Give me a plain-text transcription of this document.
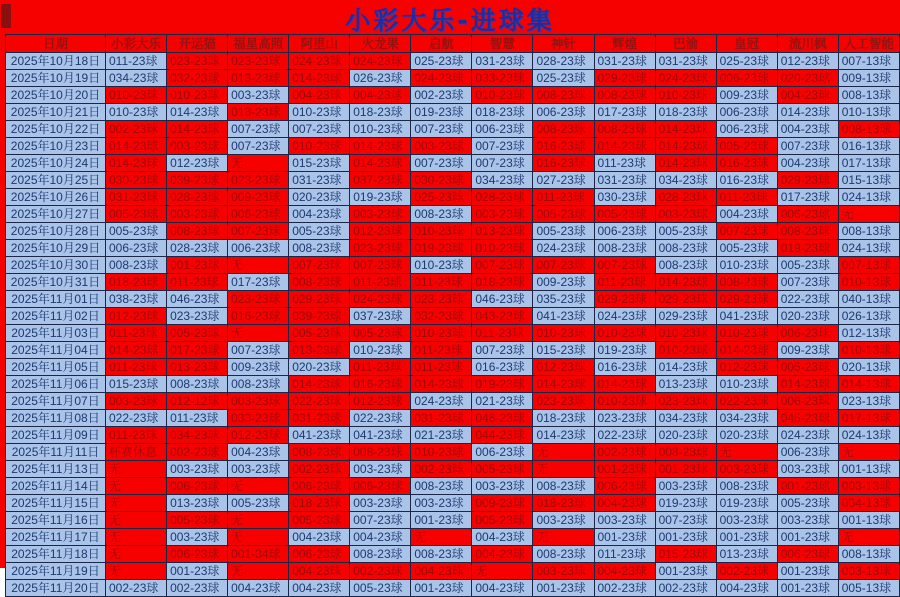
小彩大乐-进球集
日期	小彩大乐	开运猫	福星高照	阿里山	火龙果	启航	智慧	神针	辉煌	巴渝	皇冠	流川枫	人工智能
2025年10月18日	011-23球	023-23球	023-23球	024-23球	024-23球	025-23球	031-23球	028-23球	031-23球	031-23球	025-23球	012-23球	007-13球
2025年10月19日	034-23球	032-23球	013-23球	014-23球	026-23球	024-23球	033-23球	025-23球	029-23球	024-23球	006-23球	020-23球	009-13球
2025年10月20日	010-23球	010-23球	003-23球	004-23球	004-23球	002-23球	010-23球	008-23球	008-23球	010-23球	009-23球	004-23球	008-13球
2025年10月21日	010-23球	014-23球	013-23球	010-23球	018-23球	019-23球	018-23球	006-23球	017-23球	018-23球	006-23球	014-23球	010-13球
2025年10月22日	002-23球	014-23球	007-23球	007-23球	010-23球	007-23球	006-23球	008-23球	008-23球	014-23球	006-23球	004-23球	008-13球
2025年10月23日	014-23球	003-23球	007-23球	010-23球	014-23球	003-23球	007-23球	016-23球	014-23球	014-23球	005-23球	007-23球	016-13球
2025年10月24日	014-23球	012-23球	无	015-23球	014-23球	007-23球	007-23球	016-23球	011-23球	014-23球	016-23球	004-23球	017-13球
2025年10月25日	030-23球	039-23球	023-23球	031-23球	037-23球	030-23球	034-23球	027-23球	031-23球	034-23球	016-23球	029-23球	015-13球
2025年10月26日	031-23球	028-23球	009-23球	020-23球	019-23球	025-23球	028-23球	011-23球	030-23球	028-23球	011-23球	017-23球	024-13球
2025年10月27日	005-23球	003-23球	006-23球	004-23球	003-23球	008-23球	003-23球	005-23球	005-23球	003-23球	004-23球	006-23球	无
2025年10月28日	005-23球	008-23球	007-23球	005-23球	012-23球	010-23球	013-23球	005-23球	006-23球	005-23球	007-23球	008-23球	008-13球
2025年10月29日	006-23球	028-23球	006-23球	008-23球	023-23球	019-23球	010-23球	024-23球	008-23球	008-23球	005-23球	019-23球	024-13球
2025年10月30日	008-23球	001-23球	无	007-23球	007-23球	010-23球	007-23球	007-23球	007-23球	008-23球	010-23球	005-23球	007-13球
2025年10月31日	018-23球	011-23球	017-23球	008-23球	011-23球	011-23球	018-23球	009-23球	011-23球	014-23球	008-23球	007-23球	010-13球
2025年11月01日	038-23球	046-23球	023-23球	029-23球	024-23球	023-23球	046-23球	035-23球	029-23球	029-23球	029-23球	022-23球	040-13球
2025年11月02日	012-23球	023-23球	016-23球	039-23球	037-23球	032-23球	043-23球	041-23球	024-23球	029-23球	041-23球	020-23球	026-13球
2025年11月03日	011-23球	005-23球	无	005-23球	005-23球	010-23球	011-23球	010-23球	010-23球	010-23球	010-23球	006-23球	012-13球
2025年11月04日	014-23球	017-23球	007-23球	013-23球	010-23球	011-23球	007-23球	015-23球	019-23球	010-23球	014-23球	009-23球	010-13球
2025年11月05日	011-23球	013-23球	009-23球	020-23球	011-23球	011-23球	016-23球	012-23球	016-23球	014-23球	012-23球	005-23球	020-13球
2025年11月06日	015-23球	008-23球	008-23球	014-23球	016-23球	014-23球	019-23球	014-23球	014-23球	013-23球	010-23球	014-23球	014-13球
2025年11月07日	003-23球	012-12球	003-23球	022-23球	012-23球	024-23球	021-23球	023-23球	010-23球	023-23球	022-23球	006-23球	023-13球
2025年11月08日	022-23球	011-23球	033-23球	031-23球	022-23球	031-23球	046-23球	018-23球	023-23球	034-23球	034-23球	045-23球	017-13球
2025年11月09日	011-23球	034-23球	012-23球	041-23球	041-23球	021-23球	044-23球	014-23球	022-23球	020-23球	020-23球	024-23球	024-13球
2025年11月11日	杯赛休息	002-23球	004-23球	008-23球	008-23球	010-23球	006-23球	无	002-23球	008-23球	无	006-23球	无
2025年11月13日	无	003-23球	003-23球	002-23球	003-23球	002-23球	005-23球	无	001-23球	001-23球	003-23球	003-23球	001-13球
2025年11月14日	无	006-23球	无	006-23球	006-23球	008-23球	003-23球	008-23球	006-23球	003-23球	008-23球	001-23球	003-13球
2025年11月15日	无	013-23球	005-23球	018-23球	003-23球	003-23球	009-23球	018-23球	004-23球	019-23球	019-23球	005-23球	004-13球
2025年11月16日	无	005-23球	无	005-23球	007-23球	001-23球	005-23球	003-23球	003-23球	007-23球	003-23球	003-23球	001-13球
2025年11月17日	无	003-23球	无	004-23球	004-23球	无	004-23球	无	001-23球	001-23球	001-23球	001-23球	无
2025年11月18日	无	006-23球	001-34球	006-23球	008-23球	008-23球	004-23球	008-23球	011-23球	015-23球	013-23球	006-23球	008-13球
2025年11月19日	无	001-23球	无	004-23球	002-23球	004-23球	无	003-23球	004-23球	001-23球	002-23球	001-23球	003-13球
2025年11月20日	002-23球	002-23球	004-23球	004-23球	005-23球	001-23球	004-23球	001-23球	002-23球	002-23球	004-23球	001-23球	005-13球
